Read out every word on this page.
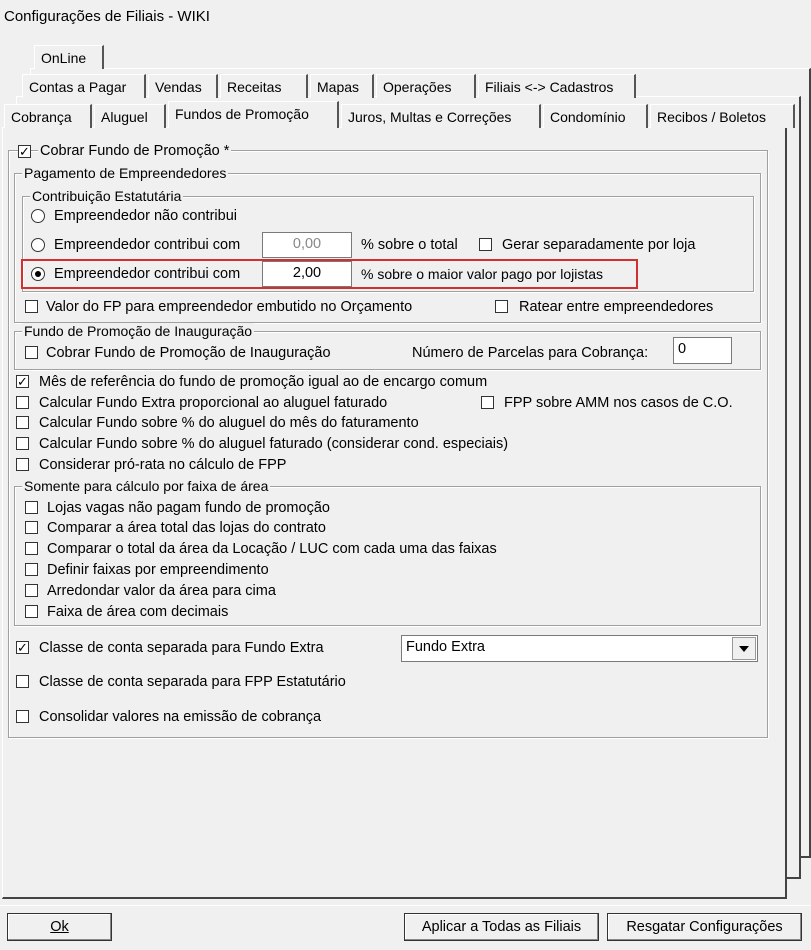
Configurações de Filiais - WIKI
OnLine
Contas a Pagar	Vendas	Receitas	Mapas	Operações	Filiais <-> Cadastros
Cobrança	Aluguel	Fundos de Promoção	Juros, Multas e Correções	Condomínio	Recibos / Boletos
✓ Cobrar Fundo de Promoção *
Pagamento de Empreendedores
Contribuição Estatutária
Empreendedor não contribui
Empreendedor contribui com	0,00	% sobre o total	Gerar separadamente por loja
Empreendedor contribui com	2,00	% sobre o maior valor pago por lojistas
Valor do FP para empreendedor embutido no Orçamento	Ratear entre empreendedores
Fundo de Promoção de Inauguração
Cobrar Fundo de Promoção de Inauguração	Número de Parcelas para Cobrança:	0
✓ Mês de referência do fundo de promoção igual ao de encargo comum
Calcular Fundo Extra proporcional ao aluguel faturado	FPP sobre AMM nos casos de C.O.
Calcular Fundo sobre % do aluguel do mês do faturamento
Calcular Fundo sobre % do aluguel faturado (considerar cond. especiais)
Considerar pró-rata no cálculo de FPP
Somente para cálculo por faixa de área
Lojas vagas não pagam fundo de promoção
Comparar a área total das lojas do contrato
Comparar o total da área da Locação / LUC com cada uma das faixas
Definir faixas por empreendimento
Arredondar valor da área para cima
Faixa de área com decimais
✓ Classe de conta separada para Fundo Extra	Fundo Extra
Classe de conta separada para FPP Estatutário
Consolidar valores na emissão de cobrança
Ok	Aplicar a Todas as Filiais	Resgatar Configurações
